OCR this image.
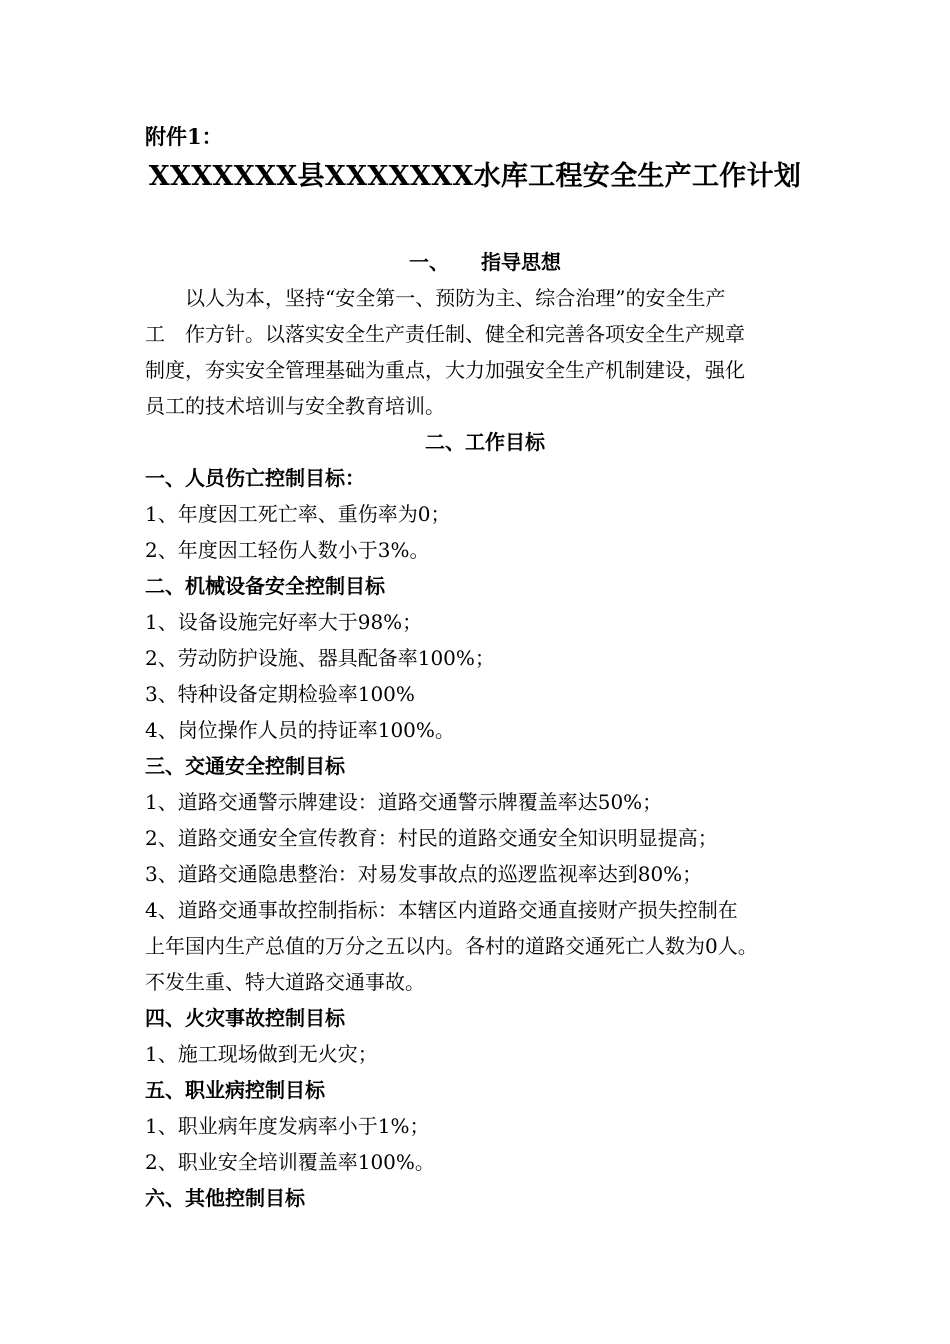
附件1：
XXXXXXX县XXXXXXX水库工程安全生产工作计划
一、 指导思想
以人为本，坚持“安全第一、预防为主、综合治理”的安全生产
工　作方针。以落实安全生产责任制、健全和完善各项安全生产规章
制度，夯实安全管理基础为重点，大力加强安全生产机制建设，强化
员工的技术培训与安全教育培训。
二、工作目标
一、人员伤亡控制目标：
1、年度因工死亡率、重伤率为0；
2、年度因工轻伤人数小于3%。
二、机械设备安全控制目标
1、设备设施完好率大于98%；
2、劳动防护设施、器具配备率100%；
3、特种设备定期检验率100%
4、岗位操作人员的持证率100%。
三、交通安全控制目标
1、道路交通警示牌建设：道路交通警示牌覆盖率达50%；
2、道路交通安全宣传教育：村民的道路交通安全知识明显提高；
3、道路交通隐患整治：对易发事故点的巡逻监视率达到80%；
4、道路交通事故控制指标：本辖区内道路交通直接财产损失控制在
上年国内生产总值的万分之五以内。各村的道路交通死亡人数为0人。
不发生重、特大道路交通事故。
四、火灾事故控制目标
1、施工现场做到无火灾；
五、职业病控制目标
1、职业病年度发病率小于1%；
2、职业安全培训覆盖率100%。
六、其他控制目标
